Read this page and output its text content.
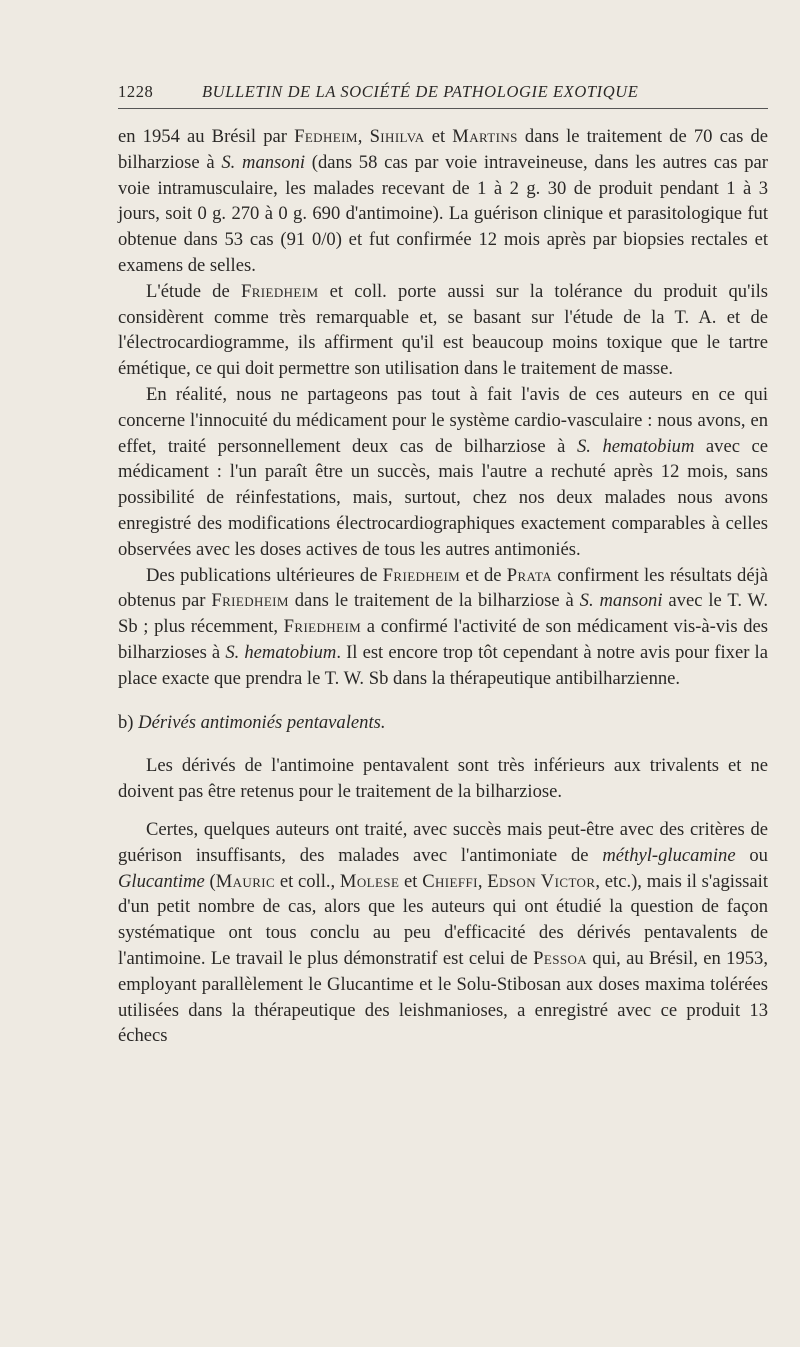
1228	BULLETIN DE LA SOCIÉTÉ DE PATHOLOGIE EXOTIQUE

en 1954 au Brésil par Fedheim, Sihilva et Martins dans le traitement de 70 cas de bilharziose à S. mansoni (dans 58 cas par voie intraveineuse, dans les autres cas par voie intramusculaire, les malades recevant de 1 à 2 g. 30 de produit pendant 1 à 3 jours, soit 0 g. 270 à 0 g. 690 d'antimoine). La guérison clinique et parasitologique fut obtenue dans 53 cas (91 0/0) et fut confirmée 12 mois après par biopsies rectales et examens de selles.

L'étude de Friedheim et coll. porte aussi sur la tolérance du produit qu'ils considèrent comme très remarquable et, se basant sur l'étude de la T. A. et de l'électrocardiogramme, ils affirment qu'il est beaucoup moins toxique que le tartre émétique, ce qui doit permettre son utilisation dans le traitement de masse.

En réalité, nous ne partageons pas tout à fait l'avis de ces auteurs en ce qui concerne l'innocuité du médicament pour le système cardio-vasculaire : nous avons, en effet, traité personnellement deux cas de bilharziose à S. hematobium avec ce médicament : l'un paraît être un succès, mais l'autre a rechuté après 12 mois, sans possibilité de réinfestations, mais, surtout, chez nos deux malades nous avons enregistré des modifications électrocardiographiques exactement comparables à celles observées avec les doses actives de tous les autres antimoniés.

Des publications ultérieures de Friedheim et de Prata confirment les résultats déjà obtenus par Friedheim dans le traitement de la bilharziose à S. mansoni avec le T. W. Sb ; plus récemment, Friedheim a confirmé l'activité de son médicament vis-à-vis des bilharzioses à S. hematobium. Il est encore trop tôt cependant à notre avis pour fixer la place exacte que prendra le T. W. Sb dans la thérapeutique antibilharzienne.

b) Dérivés antimoniés pentavalents.

Les dérivés de l'antimoine pentavalent sont très inférieurs aux trivalents et ne doivent pas être retenus pour le traitement de la bilharziose.

Certes, quelques auteurs ont traité, avec succès mais peut-être avec des critères de guérison insuffisants, des malades avec l'antimoniate de méthyl-glucamine ou Glucantime (Mauric et coll., Molese et Chieffi, Edson Victor, etc.), mais il s'agissait d'un petit nombre de cas, alors que les auteurs qui ont étudié la question de façon systématique ont tous conclu au peu d'efficacité des dérivés pentavalents de l'antimoine. Le travail le plus démonstratif est celui de Pessoa qui, au Brésil, en 1953, employant parallèlement le Glucantime et le Solu-Stibosan aux doses maxima tolérées utilisées dans la thérapeutique des leishmanioses, a enregistré avec ce produit 13 échecs
